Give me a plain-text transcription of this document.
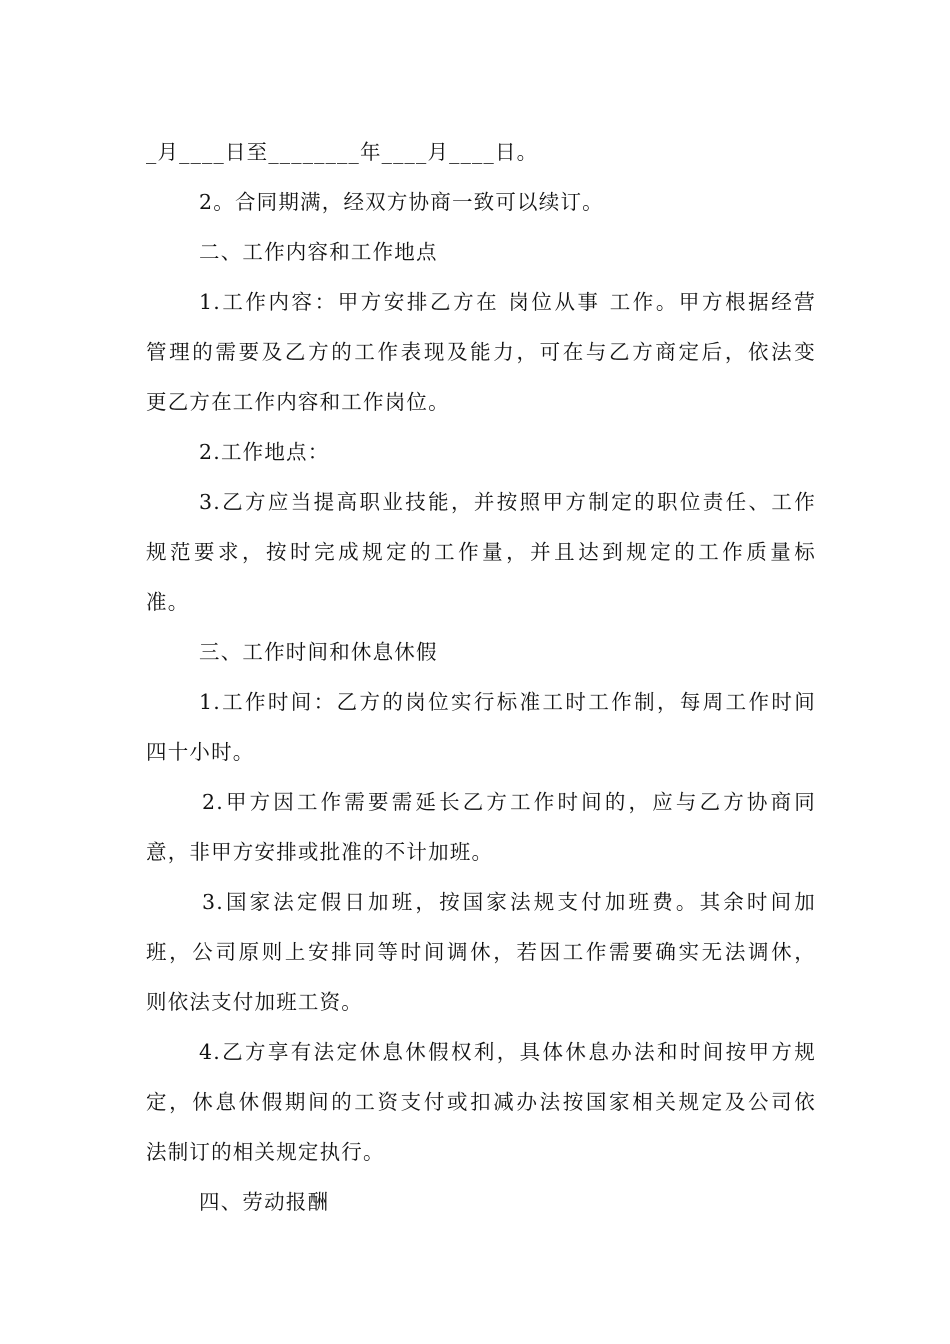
_月____日至________年____月____日。
2。合同期满，经双方协商一致可以续订。
二、工作内容和工作地点
1.工作内容：甲方安排乙方在 岗位从事 工作。甲方根据经营
管理的需要及乙方的工作表现及能力，可在与乙方商定后，依法变
更乙方在工作内容和工作岗位。
2.工作地点：
3.乙方应当提高职业技能，并按照甲方制定的职位责任、工作
规范要求，按时完成规定的工作量，并且达到规定的工作质量标
准。
三、工作时间和休息休假
1.工作时间：乙方的岗位实行标准工时工作制，每周工作时间
四十小时。
2.甲方因工作需要需延长乙方工作时间的，应与乙方协商同
意，非甲方安排或批准的不计加班。
3.国家法定假日加班，按国家法规支付加班费。其余时间加
班，公司原则上安排同等时间调休，若因工作需要确实无法调休，
则依法支付加班工资。
4.乙方享有法定休息休假权利，具体休息办法和时间按甲方规
定，休息休假期间的工资支付或扣减办法按国家相关规定及公司依
法制订的相关规定执行。
四、劳动报酬
